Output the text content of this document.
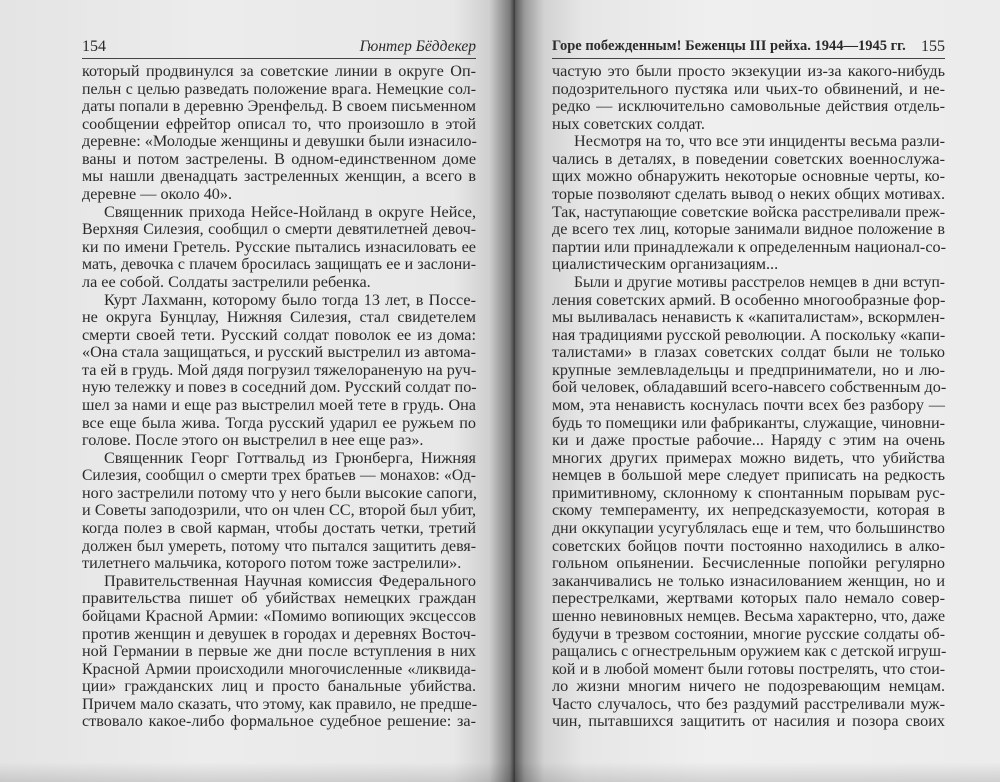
154	Гюнтер Бёддекер
который продвинулся за советские линии в округе Оп-
пельн с целью разведать положение врага. Немецкие сол-
даты попали в деревню Эренфельд. В своем письменном
сообщении ефрейтор описал то, что произошло в этой
деревне: «Молодые женщины и девушки были изнасило-
ваны и потом застрелены. В одном-единственном доме
мы нашли двенадцать застреленных женщин, а всего в
деревне — около 40».
Священник прихода Нейсе-Нойланд в округе Нейсе,
Верхняя Силезия, сообщил о смерти девятилетней девоч-
ки по имени Гретель. Русские пытались изнасиловать ее
мать, девочка с плачем бросилась защищать ее и заслони-
ла ее собой. Солдаты застрелили ребенка.
Курт Лахманн, которому было тогда 13 лет, в Поссе-
не округа Бунцлау, Нижняя Силезия, стал свидетелем
смерти своей тети. Русский солдат поволок ее из дома:
«Она стала защищаться, и русский выстрелил из автома-
та ей в грудь. Мой дядя погрузил тяжелораненую на руч-
ную тележку и повез в соседний дом. Русский солдат по-
шел за нами и еще раз выстрелил моей тете в грудь. Она
все еще была жива. Тогда русский ударил ее ружьем по
голове. После этого он выстрелил в нее еще раз».
Священник Георг Готтвальд из Грюнберга, Нижняя
Силезия, сообщил о смерти трех братьев — монахов: «Од-
ного застрелили потому что у него были высокие сапоги,
и Советы заподозрили, что он член СС, второй был убит,
когда полез в свой карман, чтобы достать четки, третий
должен был умереть, потому что пытался защитить девя-
тилетнего мальчика, которого потом тоже застрелили».
Правительственная Научная комиссия Федерального
правительства пишет об убийствах немецких граждан
бойцами Красной Армии: «Помимо вопиющих эксцессов
против женщин и девушек в городах и деревнях Восточ-
ной Германии в первые же дни после вступления в них
Красной Армии происходили многочисленные «ликвида-
ции» гражданских лиц и просто банальные убийства.
Причем мало сказать, что этому, как правило, не предше-
ствовало какое-либо формальное судебное решение: за-
Горе побежденным! Беженцы III рейха. 1944—1945 гг. 155
частую это были просто экзекуции из-за какого-нибудь
подозрительного пустяка или чьих-то обвинений, и не-
редко — исключительно самовольные действия отдель-
ных советских солдат.
Несмотря на то, что все эти инциденты весьма разли-
чались в деталях, в поведении советских военнослужа-
щих можно обнаружить некоторые основные черты, ко-
торые позволяют сделать вывод о неких общих мотивах.
Так, наступающие советские войска расстреливали преж-
де всего тех лиц, которые занимали видное положение в
партии или принадлежали к определенным национал-со-
циалистическим организациям...
Были и другие мотивы расстрелов немцев в дни вступ-
ления советских армий. В особенно многообразные фор-
мы выливалась ненависть к «капиталистам», вскормлен-
ная традициями русской революции. А поскольку «капи-
талистами» в глазах советских солдат были не только
крупные землевладельцы и предприниматели, но и лю-
бой человек, обладавший всего-навсего собственным до-
мом, эта ненависть коснулась почти всех без разбору —
будь то помещики или фабриканты, служащие, чиновни-
ки и даже простые рабочие... Наряду с этим на очень
многих других примерах можно видеть, что убийства
немцев в большой мере следует приписать на редкость
примитивному, склонному к спонтанным порывам рус-
скому темпераменту, их непредсказуемости, которая в
дни оккупации усугублялась еще и тем, что большинство
советских бойцов почти постоянно находились в алко-
гольном опьянении. Бесчисленные попойки регулярно
заканчивались не только изнасилованием женщин, но и
перестрелками, жертвами которых пало немало совер-
шенно невиновных немцев. Весьма характерно, что, даже
будучи в трезвом состоянии, многие русские солдаты об-
ращались с огнестрельным оружием как с детской игруш-
кой и в любой момент были готовы пострелять, что стои-
ло жизни многим ничего не подозревающим немцам.
Часто случалось, что без раздумий расстреливали муж-
чин, пытавшихся защитить от насилия и позора своих
